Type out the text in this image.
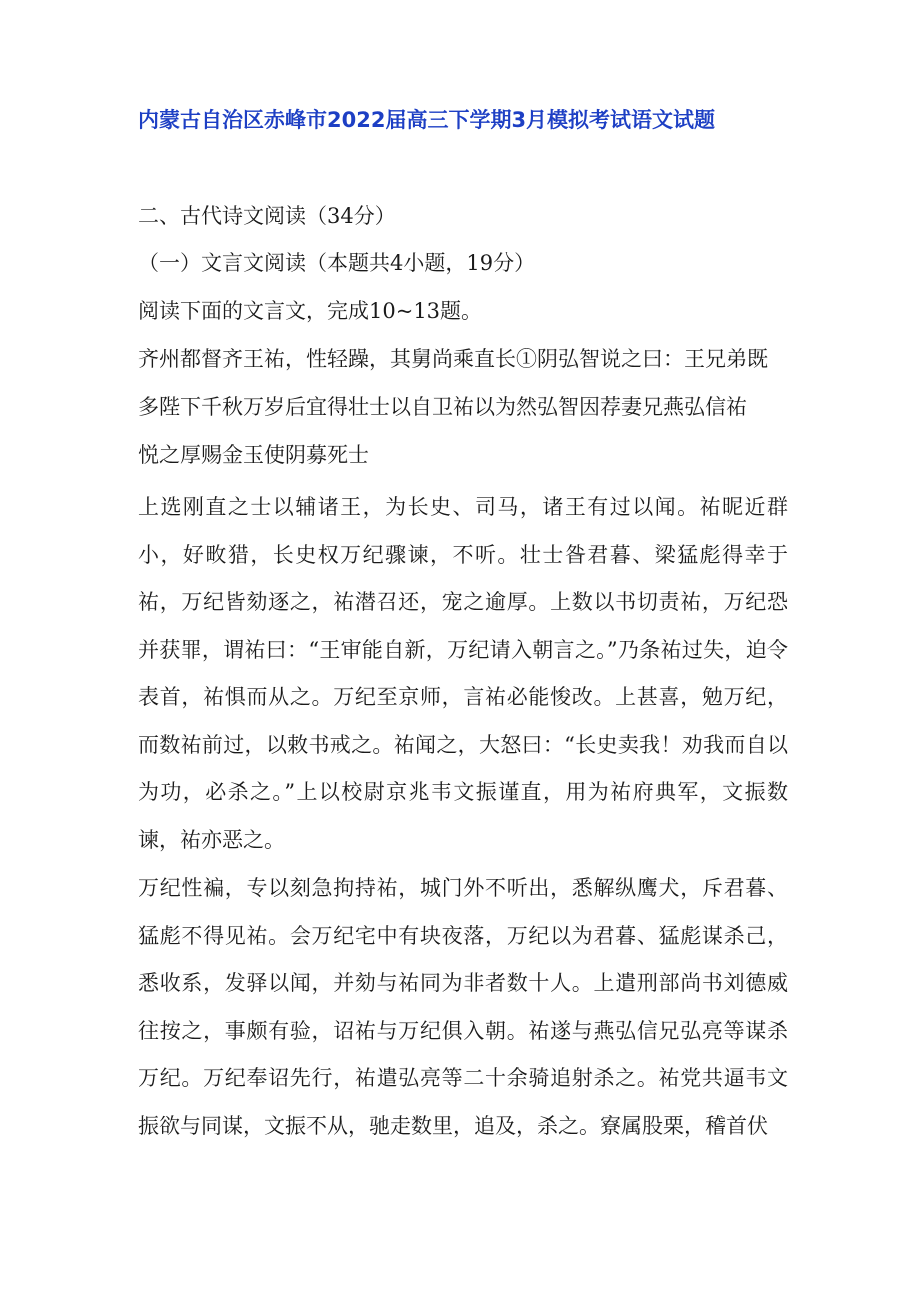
内蒙古自治区赤峰市2022届高三下学期3月模拟考试语文试题
二、古代诗文阅读（34分）
（一）文言文阅读（本题共4小题，19分）
阅读下面的文言文，完成10~13题。
齐州都督齐王祐，性轻躁，其舅尚乘直长①阴弘智说之曰：王兄弟既
多陛下千秋万岁后宜得壮士以自卫祐以为然弘智因荐妻兄燕弘信祐
悦之厚赐金玉使阴募死士
上选刚直之士以辅诸王，为长史、司马，诸王有过以闻。祐昵近群小，好畋猎，长史权万纪骤谏，不听。壮士昝君暮、梁猛彪得幸于祐，万纪皆劾逐之，祐潜召还，宠之逾厚。上数以书切责祐，万纪恐并获罪，谓祐曰：“王审能自新，万纪请入朝言之。”乃条祐过失，迫令表首，祐惧而从之。万纪至京师，言祐必能悛改。上甚喜，勉万纪，而数祐前过，以敕书戒之。祐闻之，大怒曰：“长史卖我！劝我而自以为功，必杀之。”上以校尉京兆韦文振谨直，用为祐府典军，文振数谏，祐亦恶之。
万纪性褊，专以刻急拘持祐，城门外不听出，悉解纵鹰犬，斥君暮、猛彪不得见祐。会万纪宅中有块夜落，万纪以为君暮、猛彪谋杀己，悉收系，发驿以闻，并劾与祐同为非者数十人。上遣刑部尚书刘德威往按之，事颇有验，诏祐与万纪俱入朝。祐遂与燕弘信兄弘亮等谋杀万纪。万纪奉诏先行，祐遣弘亮等二十余骑追射杀之。祐党共逼韦文振欲与同谋，文振不从，驰走数里，追及，杀之。寮属股栗，稽首伏
